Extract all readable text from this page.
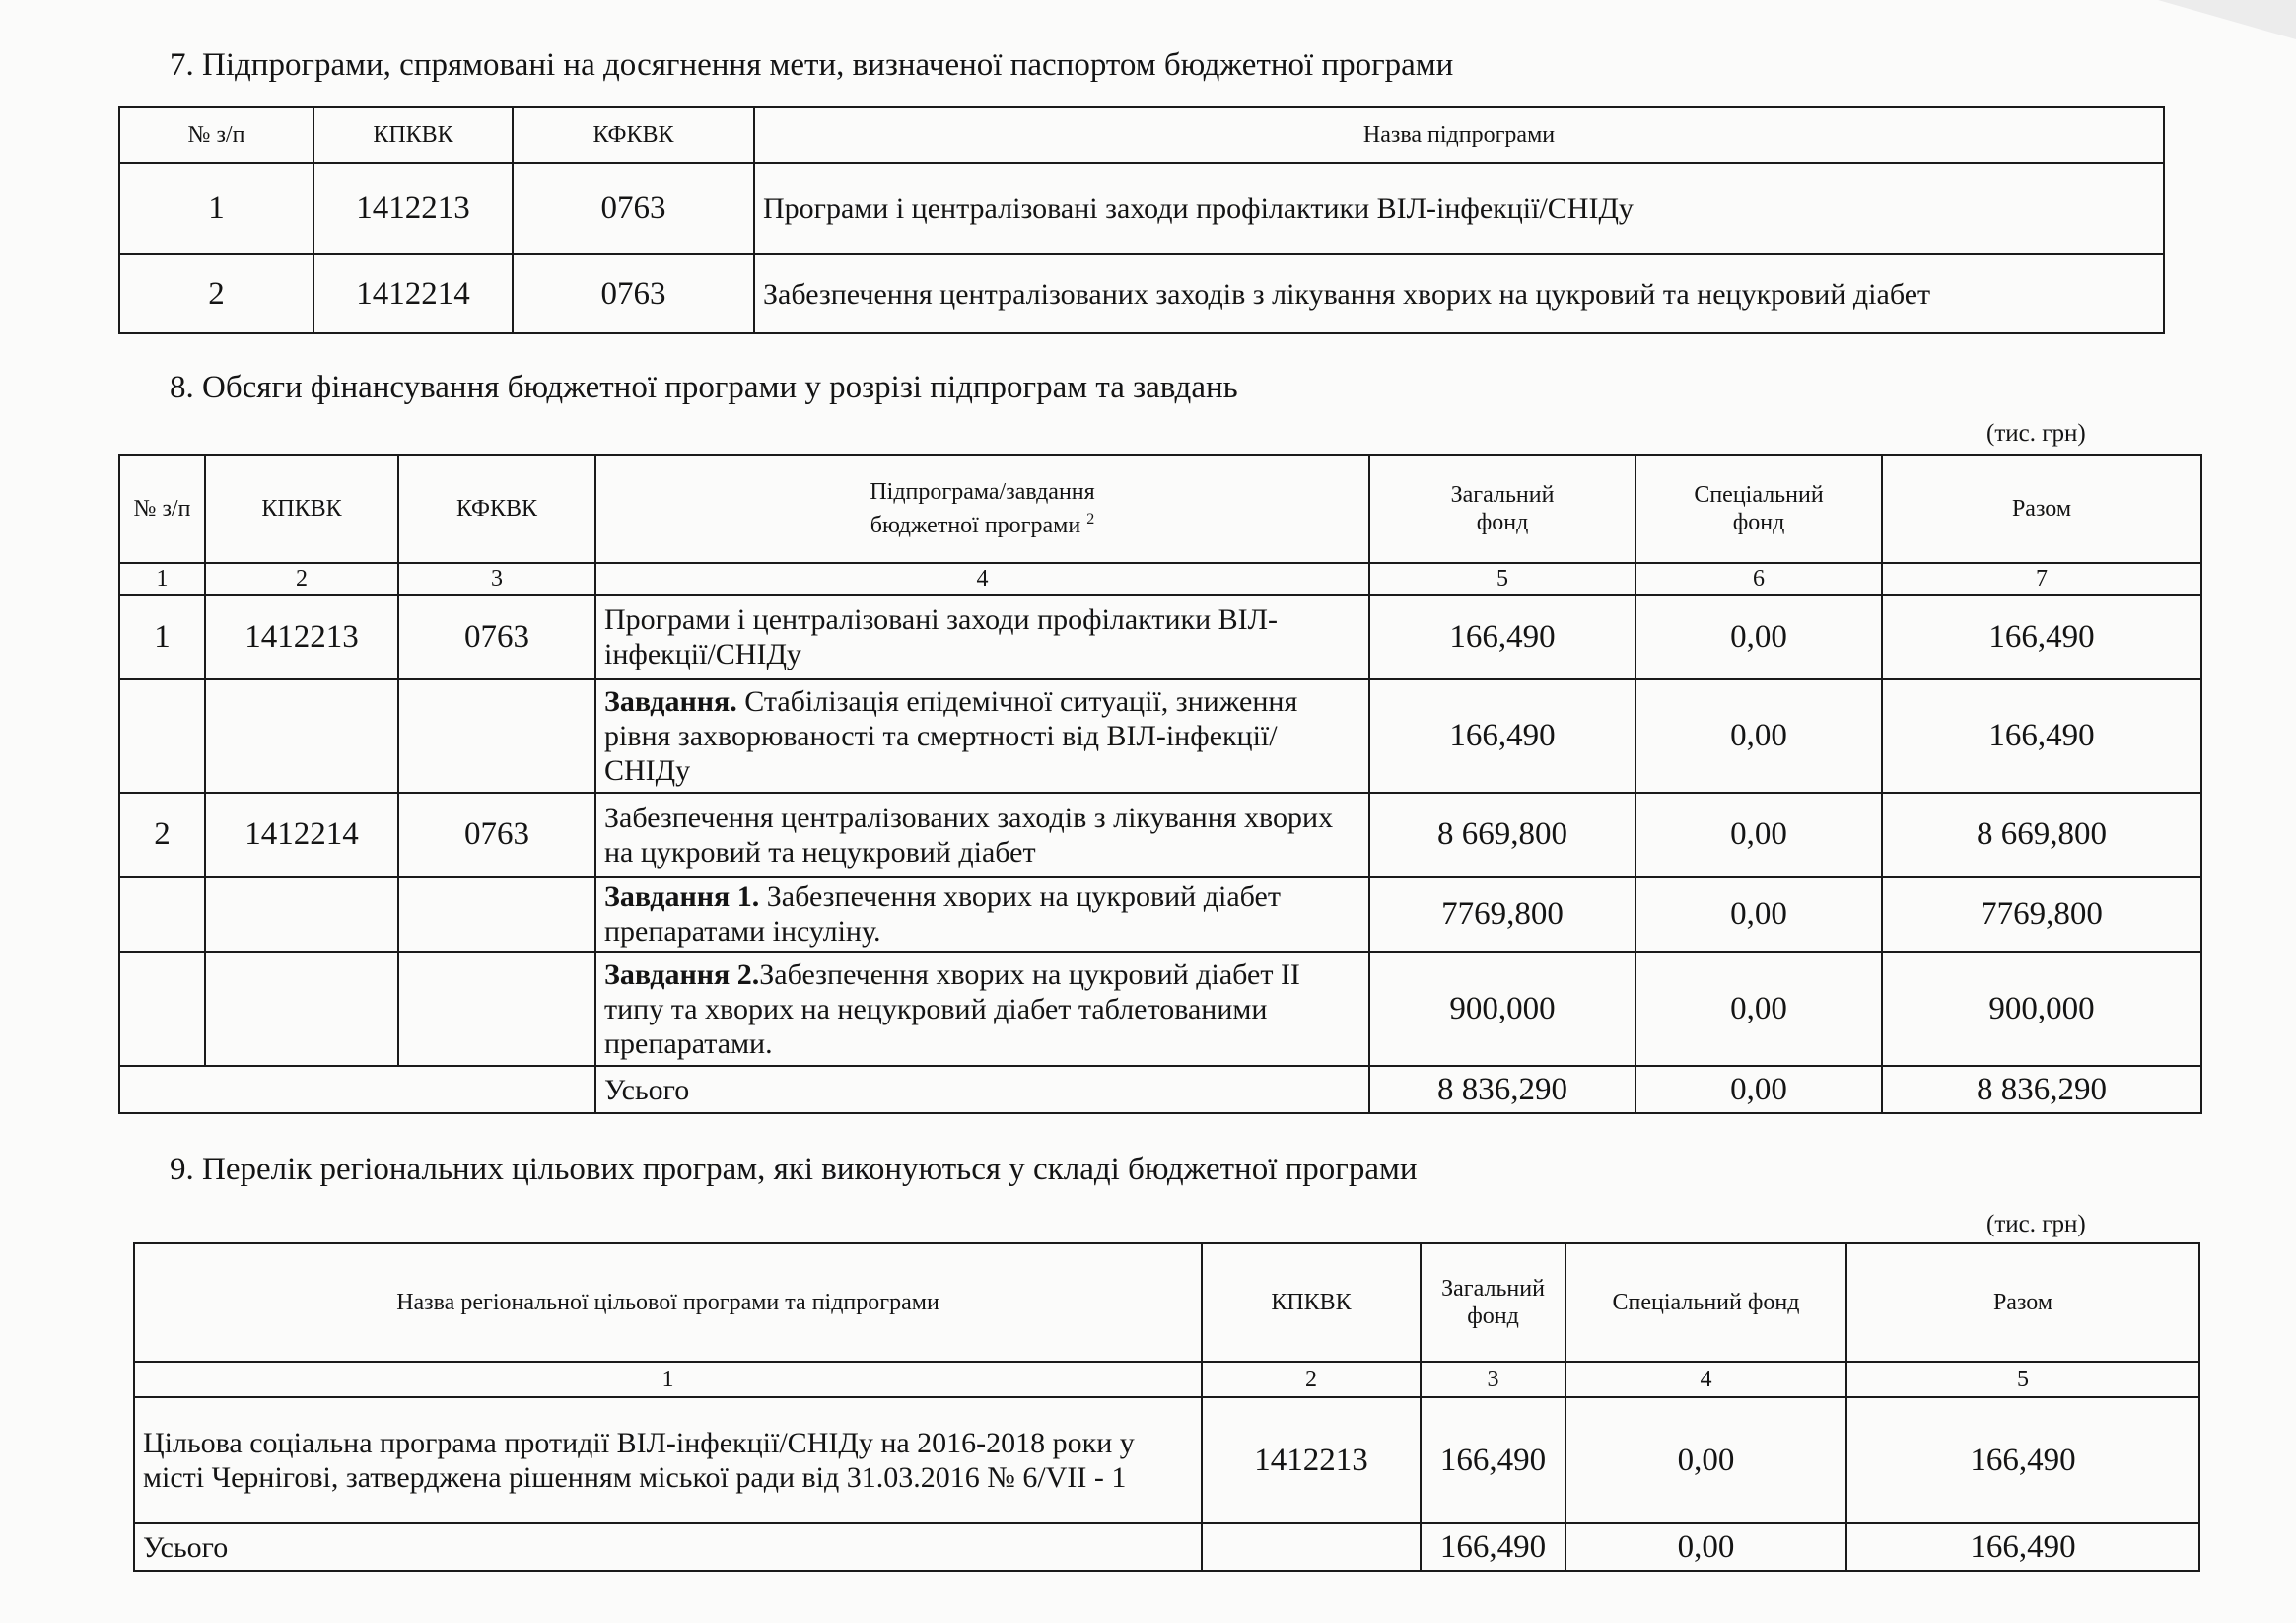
7. Підпрограми, спрямовані на досягнення мети, визначеної паспортом бюджетної програми
№ з/п	КПКВК	КФКВК	Назва підпрограми
1	1412213	0763	Програми і централізовані заходи профілактики ВІЛ-інфекції/СНІДу
2	1412214	0763	Забезпечення централізованих заходів з лікування хворих на цукровий та нецукровий діабет
8. Обсяги фінансування бюджетної програми у розрізі підпрограм та завдань
(тис. грн)
№ з/п	КПКВК	КФКВК	Підпрограма/завдання бюджетної програми $^2$	Загальний фонд	Спеціальний фонд	Разом
1	2	3	4	5	6	7
1	1412213	0763	Програми і централізовані заходи профілактики ВІЛ-інфекції/СНІДу	166,490	0,00	166,490
			Завдання. Стабілізація епідемічної ситуації, зниження рівня захворюваності та смертності від ВІЛ-інфекції/СНІДу	166,490	0,00	166,490
2	1412214	0763	Забезпечення централізованих заходів з лікування хворих на цукровий та нецукровий діабет	8 669,800	0,00	8 669,800
			Завдання 1. Забезпечення хворих на цукровий діабет препаратами інсуліну.	7769,800	0,00	7769,800
			Завдання 2.Забезпечення хворих на цукровий діабет ІІ типу та хворих на нецукровий діабет таблетованими препаратами.	900,000	0,00	900,000
			Усього	8 836,290	0,00	8 836,290
9. Перелік регіональних цільових програм, які виконуються у складі бюджетної програми
(тис. грн)
Назва регіональної цільової програми та підпрограми	КПКВК	Загальний фонд	Спеціальний фонд	Разом
1	2	3	4	5
Цільова соціальна програма протидії ВІЛ-інфекції/СНІДу на 2016-2018 роки у місті Чернігові, затверджена рішенням міської ради від 31.03.2016 № 6/VII - 1	1412213	166,490	0,00	166,490
Усього		166,490	0,00	166,490
